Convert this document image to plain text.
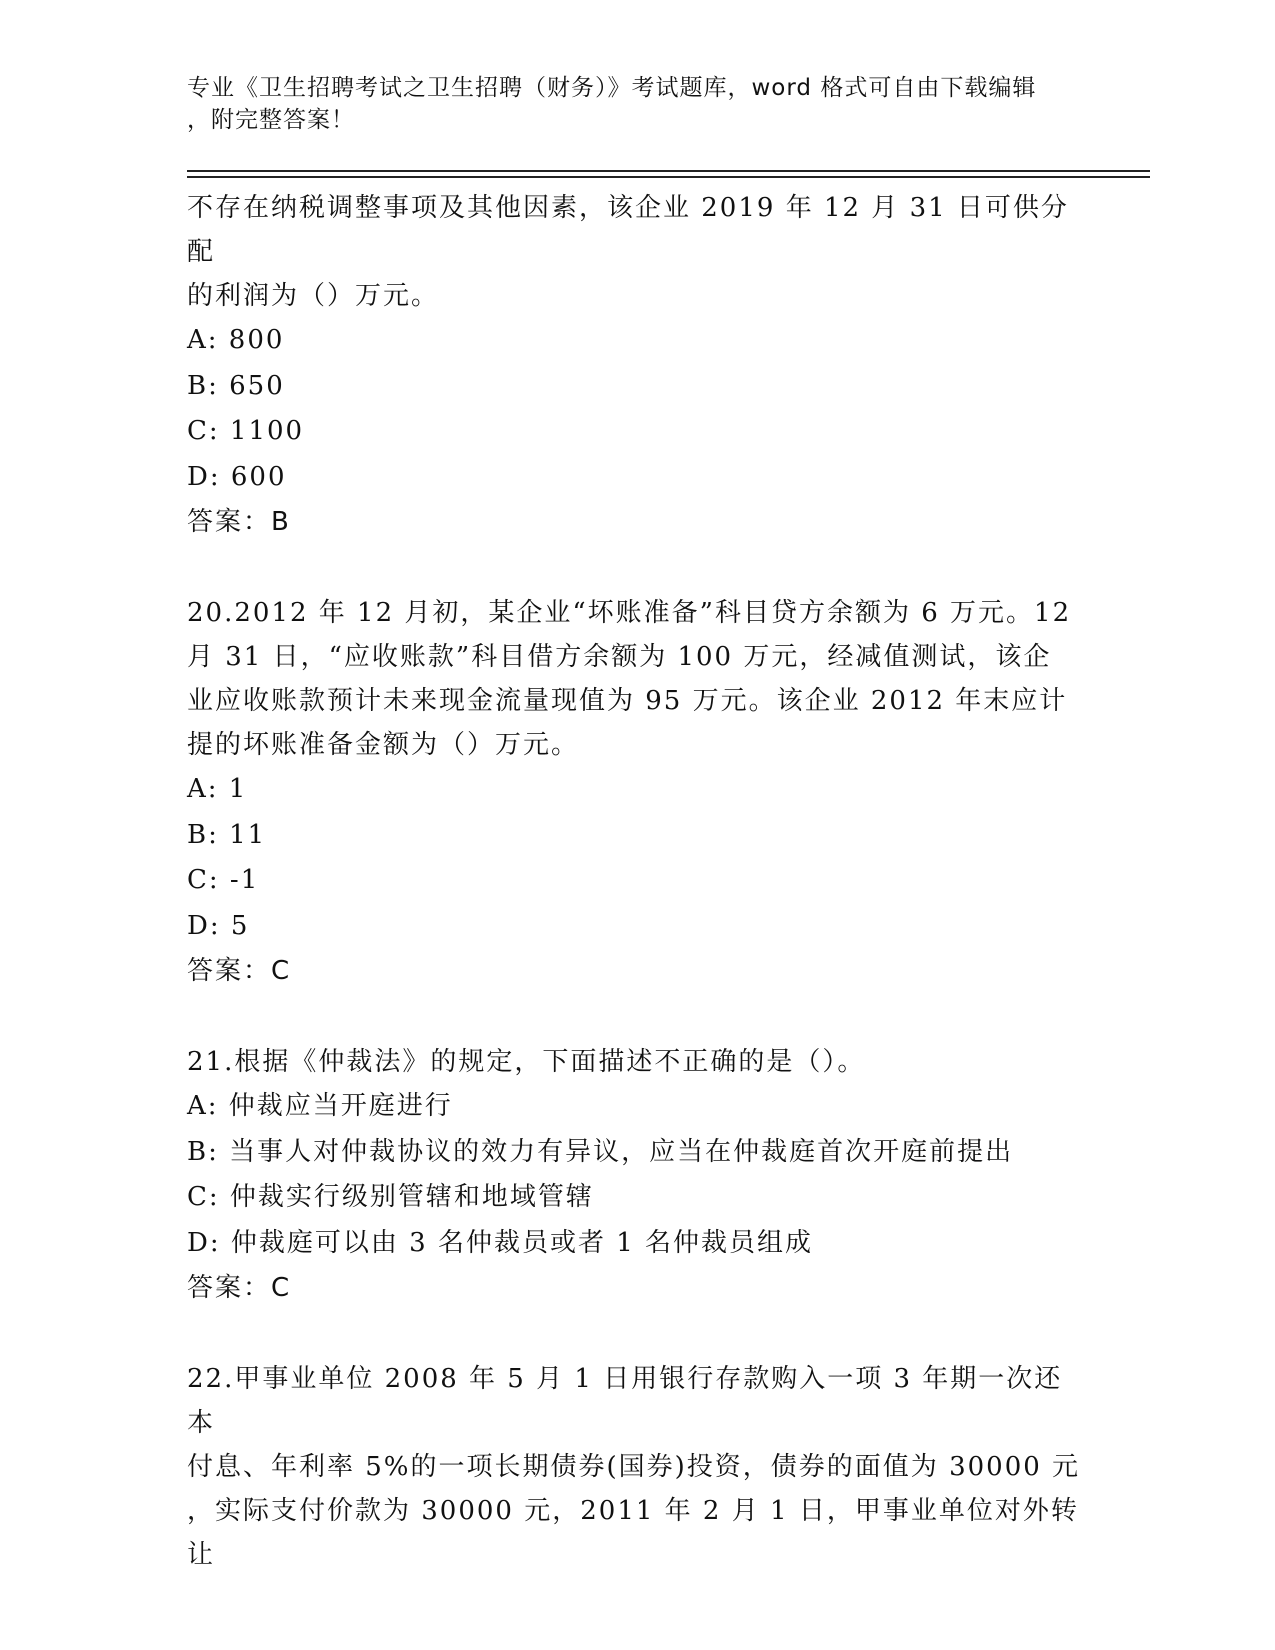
专业《卫生招聘考试之卫生招聘（财务）》考试题库，word 格式可自由下载编辑
，附完整答案！

不存在纳税调整事项及其他因素，该企业 2019 年 12 月 31 日可供分配

的利润为（）万元。

A: 800

B: 650

C: 1100

D: 600

答案：B

20.2012 年 12 月初，某企业“坏账准备”科目贷方余额为 6 万元。12

月 31 日，“应收账款”科目借方余额为 100 万元，经减值测试，该企

业应收账款预计未来现金流量现值为 95 万元。该企业 2012 年末应计

提的坏账准备金额为（）万元。

A: 1

B: 11

C: -1

D: 5

答案：C

21.根据《仲裁法》的规定，下面描述不正确的是（）。

A: 仲裁应当开庭进行

B: 当事人对仲裁协议的效力有异议，应当在仲裁庭首次开庭前提出

C: 仲裁实行级别管辖和地域管辖

D: 仲裁庭可以由 3 名仲裁员或者 1 名仲裁员组成

答案：C

22.甲事业单位 2008 年 5 月 1 日用银行存款购入一项 3 年期一次还本

付息、年利率 5%的一项长期债券(国券)投资，债券的面值为 30000 元

，实际支付价款为 30000 元，2011 年 2 月 1 日，甲事业单位对外转让
